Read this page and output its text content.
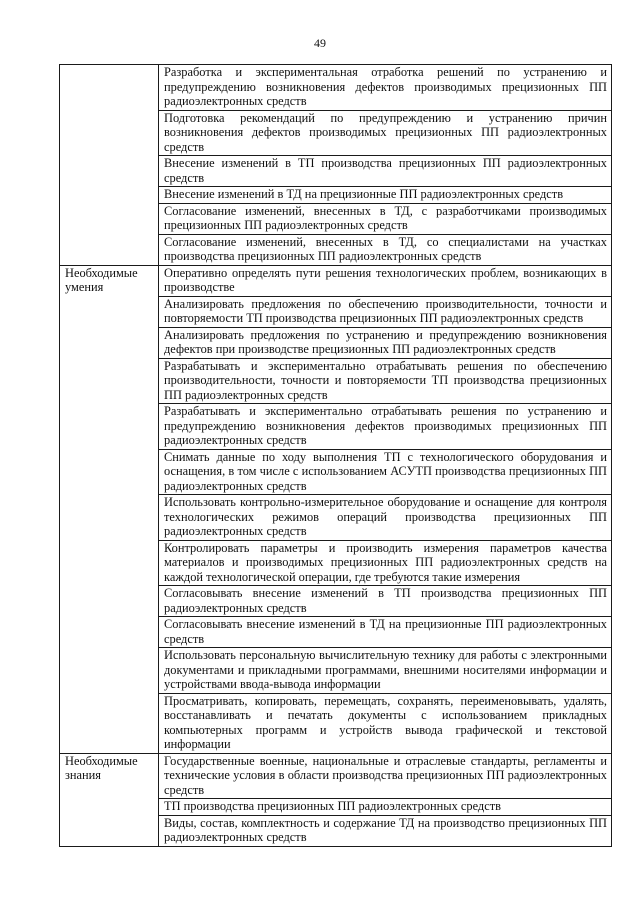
49
	Разработка и экспериментальная отработка решений по устранению и предупреждению возникновения дефектов производимых прецизионных ПП радиоэлектронных средств
	Подготовка рекомендаций по предупреждению и устранению причин возникновения дефектов производимых прецизионных ПП радиоэлектронных средств
	Внесение изменений в ТП производства прецизионных ПП радиоэлектронных средств
	Внесение изменений в ТД на прецизионные ПП радиоэлектронных средств
	Согласование изменений, внесенных в ТД, с разработчиками производимых прецизионных ПП радиоэлектронных средств
	Согласование изменений, внесенных в ТД, со специалистами на участках производства прецизионных ПП радиоэлектронных средств
Необходимые умения	Оперативно определять пути решения технологических проблем, возникающих в производстве
	Анализировать предложения по обеспечению производительности, точности и повторяемости ТП производства прецизионных ПП радиоэлектронных средств
	Анализировать предложения по устранению и предупреждению возникновения дефектов при производстве прецизионных ПП радиоэлектронных средств
	Разрабатывать и экспериментально отрабатывать решения по обеспечению производительности, точности и повторяемости ТП производства прецизионных ПП радиоэлектронных средств
	Разрабатывать и экспериментально отрабатывать решения по устранению и предупреждению возникновения дефектов производимых прецизионных ПП радиоэлектронных средств
	Снимать данные по ходу выполнения ТП с технологического оборудования и оснащения, в том числе с использованием АСУТП производства прецизионных ПП радиоэлектронных средств
	Использовать контрольно-измерительное оборудование и оснащение для контроля технологических режимов операций производства прецизионных ПП радиоэлектронных средств
	Контролировать параметры и производить измерения параметров качества материалов и производимых прецизионных ПП радиоэлектронных средств на каждой технологической операции, где требуются такие измерения
	Согласовывать внесение изменений в ТП производства прецизионных ПП радиоэлектронных средств
	Согласовывать внесение изменений в ТД на прецизионные ПП радиоэлектронных средств
	Использовать персональную вычислительную технику для работы с электронными документами и прикладными программами, внешними носителями информации и устройствами ввода-вывода информации
	Просматривать, копировать, перемещать, сохранять, переименовывать, удалять, восстанавливать и печатать документы с использованием прикладных компьютерных программ и устройств вывода графической и текстовой информации
Необходимые знания	Государственные военные, национальные и отраслевые стандарты, регламенты и технические условия в области производства прецизионных ПП радиоэлектронных средств
	ТП производства прецизионных ПП радиоэлектронных средств
	Виды, состав, комплектность и содержание ТД на производство прецизионных ПП радиоэлектронных средств
